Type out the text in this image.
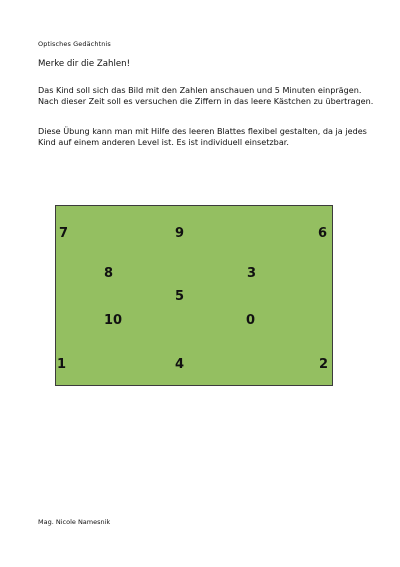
Optisches Gedächtnis
Merke dir die Zahlen!

Das Kind soll sich das Bild mit den Zahlen anschauen und 5 Minuten einprägen. Nach dieser Zeit soll es versuchen die Ziffern in das leere Kästchen zu übertragen.

Diese Übung kann man mit Hilfe des leeren Blattes flexibel gestalten, da ja jedes Kind auf einem anderen Level ist. Es ist individuell einsetzbar.

7	9	6
8	3
5
10	0
1	4	2
Mag. Nicole Namesnik
